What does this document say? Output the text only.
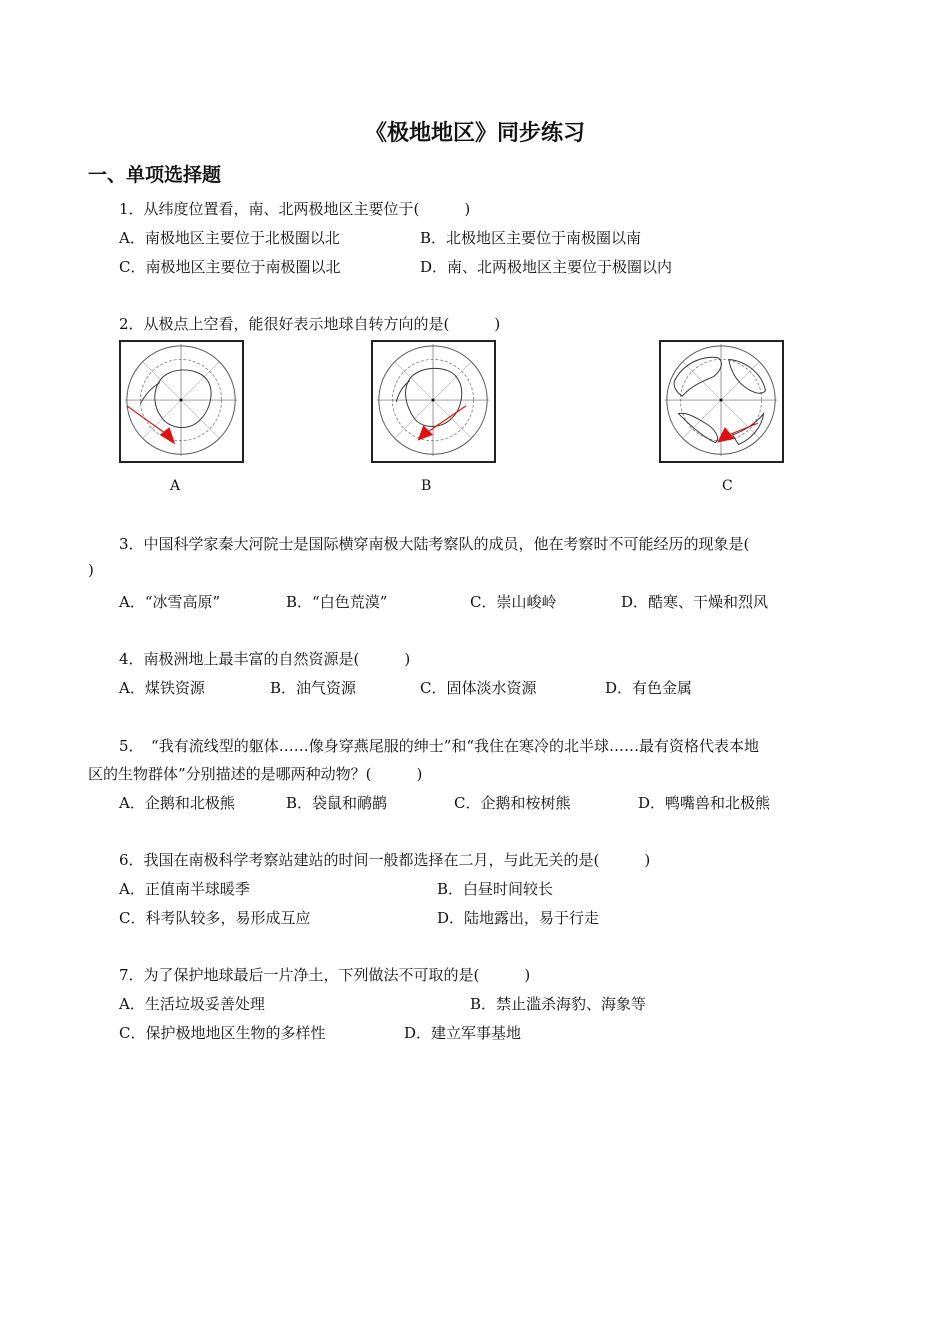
《极地地区》同步练习
一、单项选择题
1．从纬度位置看，南、北两极地区主要位于(　　　)
A．南极地区主要位于北极圈以北	B．北极地区主要位于南极圈以南
C．南极地区主要位于南极圈以北	D．南、北两极地区主要位于极圈以内
2．从极点上空看，能很好表示地球自转方向的是(　　　)
A	B	C
3．中国科学家秦大河院士是国际横穿南极大陆考察队的成员，他在考察时不可能经历的现象是(
)
A．“冰雪高原”	B．“白色荒漠”	C．崇山峻岭	D．酷寒、干燥和烈风
4．南极洲地上最丰富的自然资源是(　　　)
A．煤铁资源	B．油气资源	C．固体淡水资源	D．有色金属
5．　“我有流线型的躯体……像身穿燕尾服的绅士”和“我住在寒冷的北半球……最有资格代表本地
区的生物群体”分别描述的是哪两种动物？(　　　)
A．企鹅和北极熊	B．袋鼠和鸸鹋	C．企鹅和桉树熊	D．鸭嘴兽和北极熊
6．我国在南极科学考察站建站的时间一般都选择在二月，与此无关的是(　　　)
A．正值南半球暖季	B．白昼时间较长
C．科考队较多，易形成互应	D．陆地露出，易于行走
7．为了保护地球最后一片净土，下列做法不可取的是(　　　)
A．生活垃圾妥善处理	B．禁止滥杀海豹、海象等
C．保护极地地区生物的多样性	D．建立军事基地
